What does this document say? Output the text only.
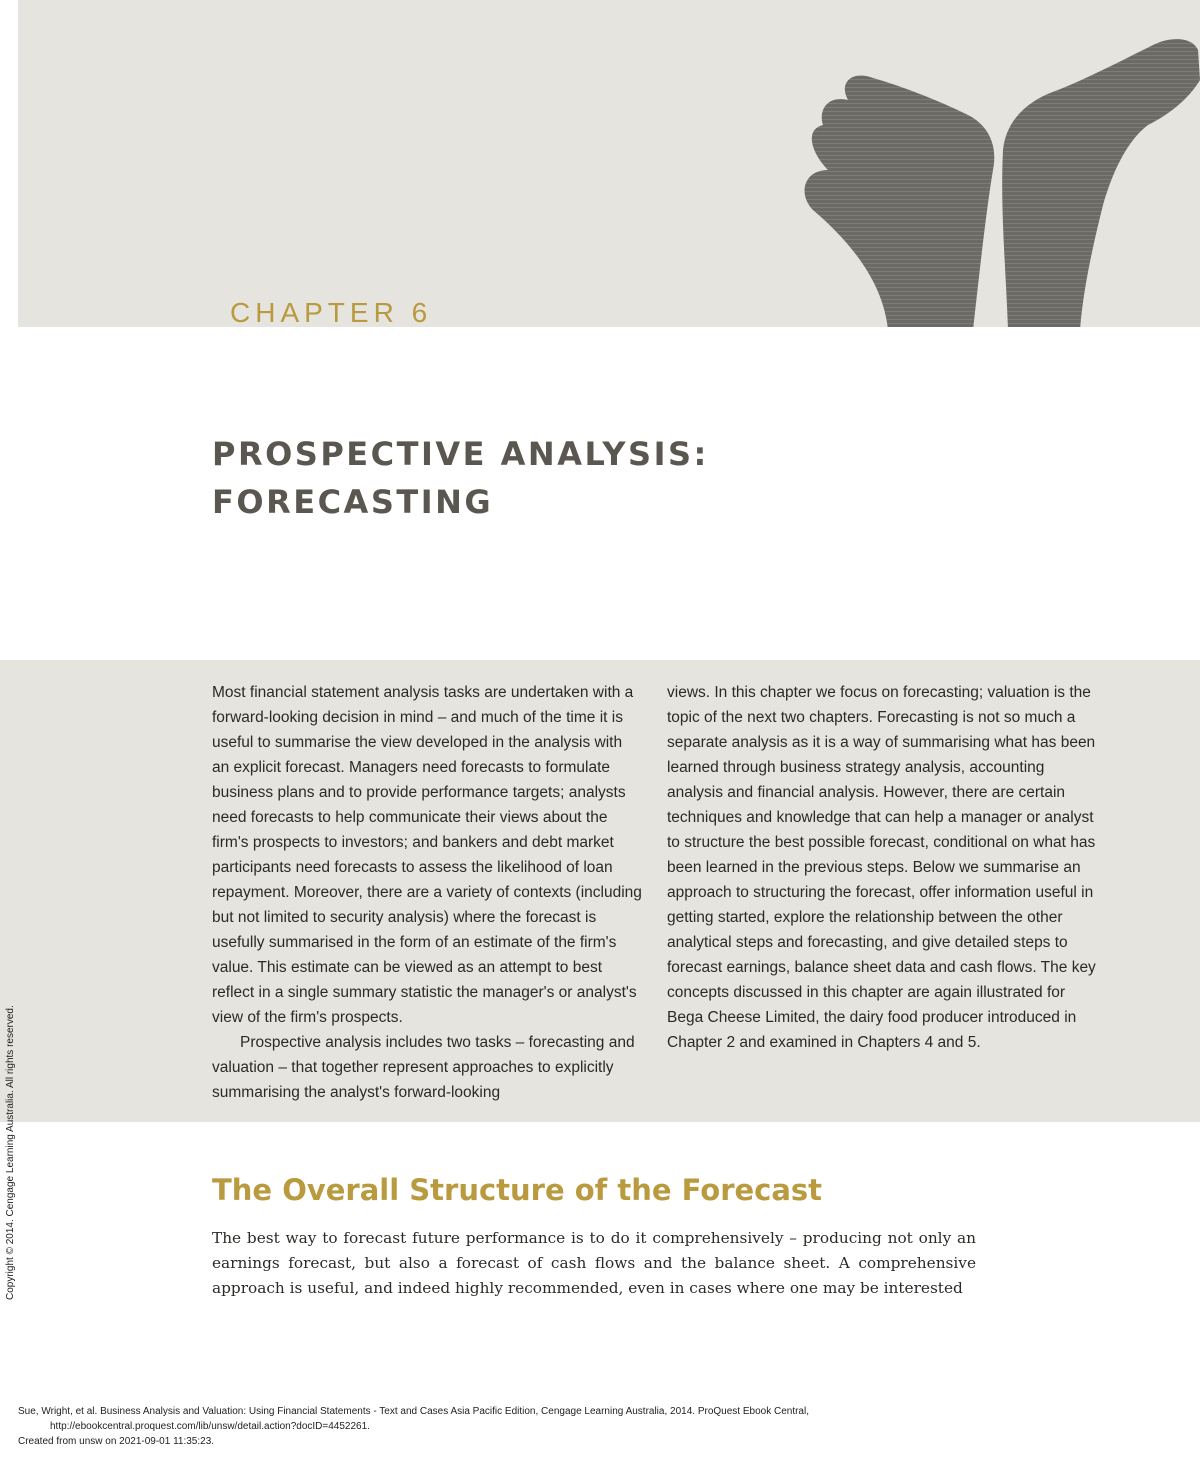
CHAPTER 6
PROSPECTIVE ANALYSIS:
FORECASTING

Most financial statement analysis tasks are undertaken with a forward-looking decision in mind – and much of the time it is useful to summarise the view developed in the analysis with an explicit forecast. Managers need forecasts to formulate business plans and to provide performance targets; analysts need forecasts to help communicate their views about the firm's prospects to investors; and bankers and debt market participants need forecasts to assess the likelihood of loan repayment. Moreover, there are a variety of contexts (including but not limited to security analysis) where the forecast is usefully summarised in the form of an estimate of the firm's value. This estimate can be viewed as an attempt to best reflect in a single summary statistic the manager's or analyst's view of the firm's prospects.

Prospective analysis includes two tasks – forecasting and valuation – that together represent approaches to explicitly summarising the analyst's forward-looking

views. In this chapter we focus on forecasting; valuation is the topic of the next two chapters. Forecasting is not so much a separate analysis as it is a way of summarising what has been learned through business strategy analysis, accounting analysis and financial analysis. However, there are certain techniques and knowledge that can help a manager or analyst to structure the best possible forecast, conditional on what has been learned in the previous steps. Below we summarise an approach to structuring the forecast, offer information useful in getting started, explore the relationship between the other analytical steps and forecasting, and give detailed steps to forecast earnings, balance sheet data and cash flows. The key concepts discussed in this chapter are again illustrated for Bega Cheese Limited, the dairy food producer introduced in Chapter 2 and examined in Chapters 4 and 5.

The Overall Structure of the Forecast

The best way to forecast future performance is to do it comprehensively – producing not only an earnings forecast, but also a forecast of cash flows and the balance sheet. A comprehensive approach is useful, and indeed highly recommended, even in cases where one may be interested

Copyright © 2014. Cengage Learning Australia. All rights reserved.
Sue, Wright, et al. Business Analysis and Valuation: Using Financial Statements - Text and Cases Asia Pacific Edition, Cengage Learning Australia, 2014. ProQuest Ebook Central,
http://ebookcentral.proquest.com/lib/unsw/detail.action?docID=4452261.
Created from unsw on 2021-09-01 11:35:23.
